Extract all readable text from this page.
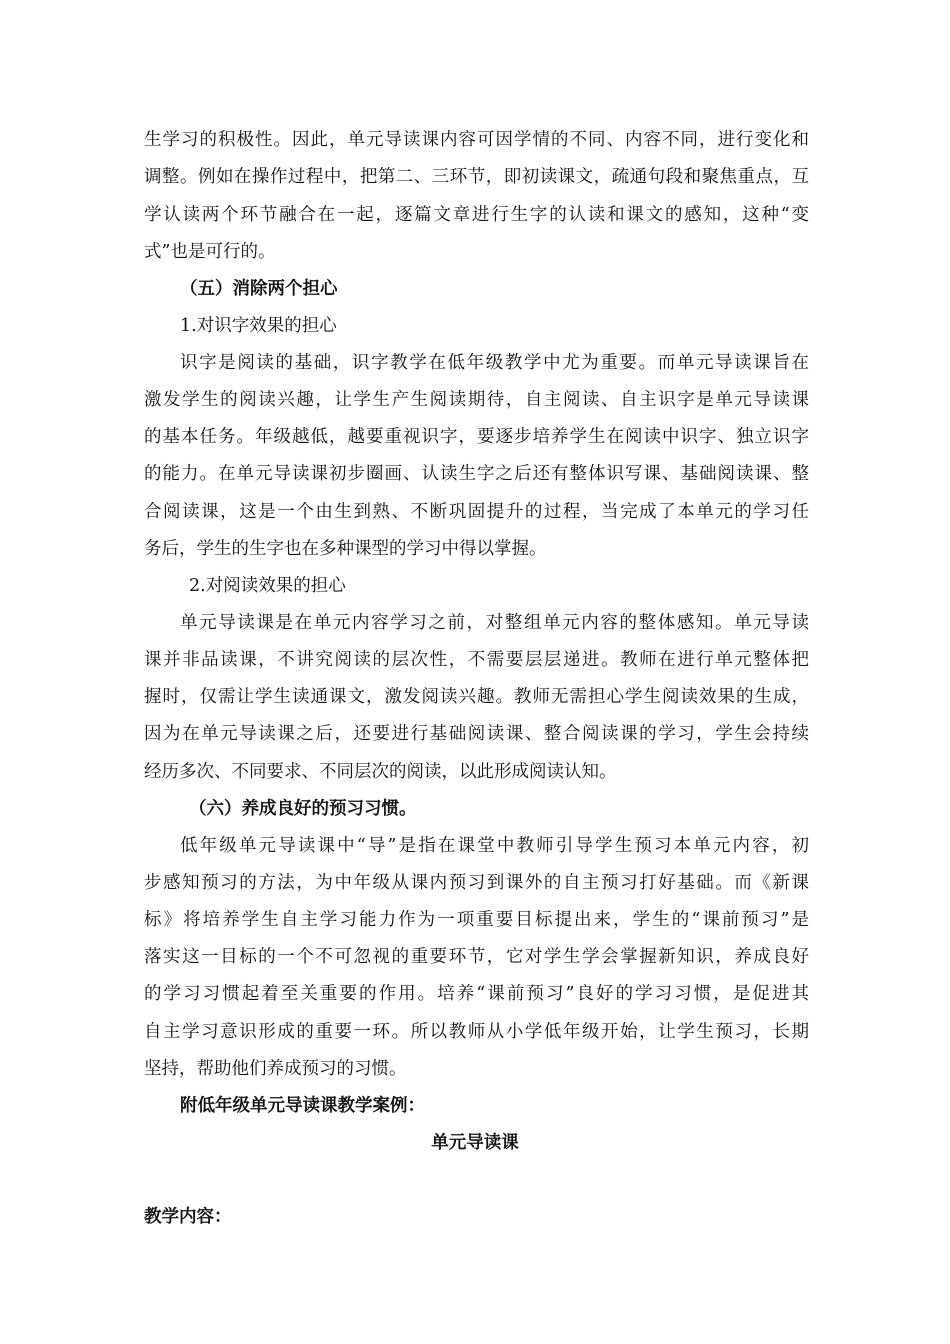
生学习的积极性。因此，单元导读课内容可因学情的不同、内容不同，进行变化和
调整。例如在操作过程中，把第二、三环节，即初读课文，疏通句段和聚焦重点，互
学认读两个环节融合在一起，逐篇文章进行生字的认读和课文的感知，这种“变
式”也是可行的。
（五）消除两个担心
1.对识字效果的担心
识字是阅读的基础，识字教学在低年级教学中尤为重要。而单元导读课旨在
激发学生的阅读兴趣，让学生产生阅读期待，自主阅读、自主识字是单元导读课
的基本任务。年级越低，越要重视识字，要逐步培养学生在阅读中识字、独立识字
的能力。在单元导读课初步圈画、认读生字之后还有整体识写课、基础阅读课、整
合阅读课，这是一个由生到熟、不断巩固提升的过程，当完成了本单元的学习任
务后，学生的生字也在多种课型的学习中得以掌握。
2.对阅读效果的担心
单元导读课是在单元内容学习之前，对整组单元内容的整体感知。单元导读
课并非品读课，不讲究阅读的层次性，不需要层层递进。教师在进行单元整体把
握时，仅需让学生读通课文，激发阅读兴趣。教师无需担心学生阅读效果的生成，
因为在单元导读课之后，还要进行基础阅读课、整合阅读课的学习，学生会持续
经历多次、不同要求、不同层次的阅读，以此形成阅读认知。
（六）养成良好的预习习惯。
低年级单元导读课中“导”是指在课堂中教师引导学生预习本单元内容，初
步感知预习的方法，为中年级从课内预习到课外的自主预习打好基础。而《新课
标》将培养学生自主学习能力作为一项重要目标提出来，学生的“课前预习”是
落实这一目标的一个不可忽视的重要环节，它对学生学会掌握新知识，养成良好
的学习习惯起着至关重要的作用。培养“课前预习”良好的学习习惯，是促进其
自主学习意识形成的重要一环。所以教师从小学低年级开始，让学生预习，长期
坚持，帮助他们养成预习的习惯。
附低年级单元导读课教学案例：
单元导读课
教学内容：
